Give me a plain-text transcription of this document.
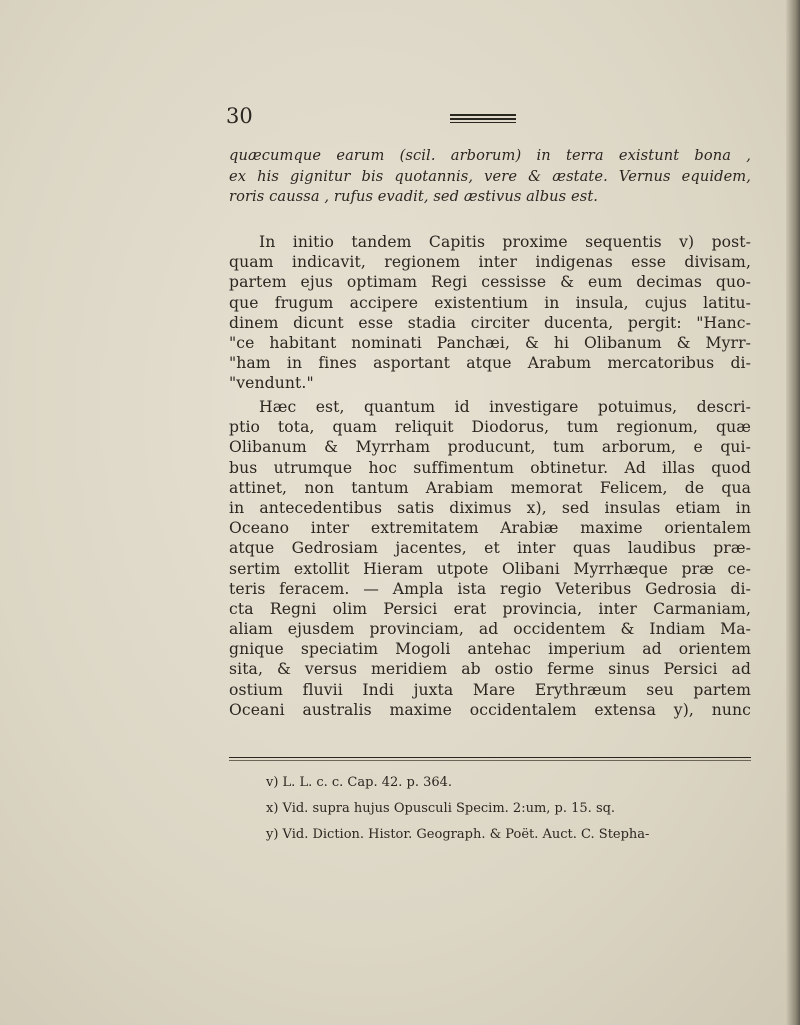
30
quæcumque earum (scil. arborum) in terra existunt bona ,
ex his gignitur bis quotannis, vere & æstate. Vernus equidem,
roris caussa , rufus evadit, sed æstivus albus est.
In initio tandem Capitis proxime sequentis v) post-
quam indicavit, regionem inter indigenas esse divisam,
partem ejus optimam Regi cessisse & eum decimas quo-
que frugum accipere existentium in insula, cujus latitu-
dinem dicunt esse stadia circiter ducenta, pergit: "Hanc-
"ce habitant nominati Panchæi, & hi Olibanum & Myrr-
"ham in fines asportant atque Arabum mercatoribus di-
"vendunt."
Hæc est, quantum id investigare potuimus, descri-
ptio tota, quam reliquit Diodorus, tum regionum, quæ
Olibanum & Myrrham producunt, tum arborum, e qui-
bus utrumque hoc suffimentum obtinetur. Ad illas quod
attinet, non tantum Arabiam memorat Felicem, de qua
in antecedentibus satis diximus x), sed insulas etiam in
Oceano inter extremitatem Arabiæ maxime orientalem
atque Gedrosiam jacentes, et inter quas laudibus præ-
sertim extollit Hieram utpote Olibani Myrrhæque præ ce-
teris feracem. — Ampla ista regio Veteribus Gedrosia di-
cta Regni olim Persici erat provincia, inter Carmaniam,
aliam ejusdem provinciam, ad occidentem & Indiam Ma-
gnique speciatim Mogoli antehac imperium ad orientem
sita, & versus meridiem ab ostio ferme sinus Persici ad
ostium fluvii Indi juxta Mare Erythræum seu partem
Oceani australis maxime occidentalem extensa y), nunc
v) L. L. c. c. Cap. 42. p. 364.
x) Vid. supra hujus Opusculi Specim. 2:um, p. 15. sq.
y) Vid. Diction. Histor. Geograph. & Poët. Auct. C. Stepha-
